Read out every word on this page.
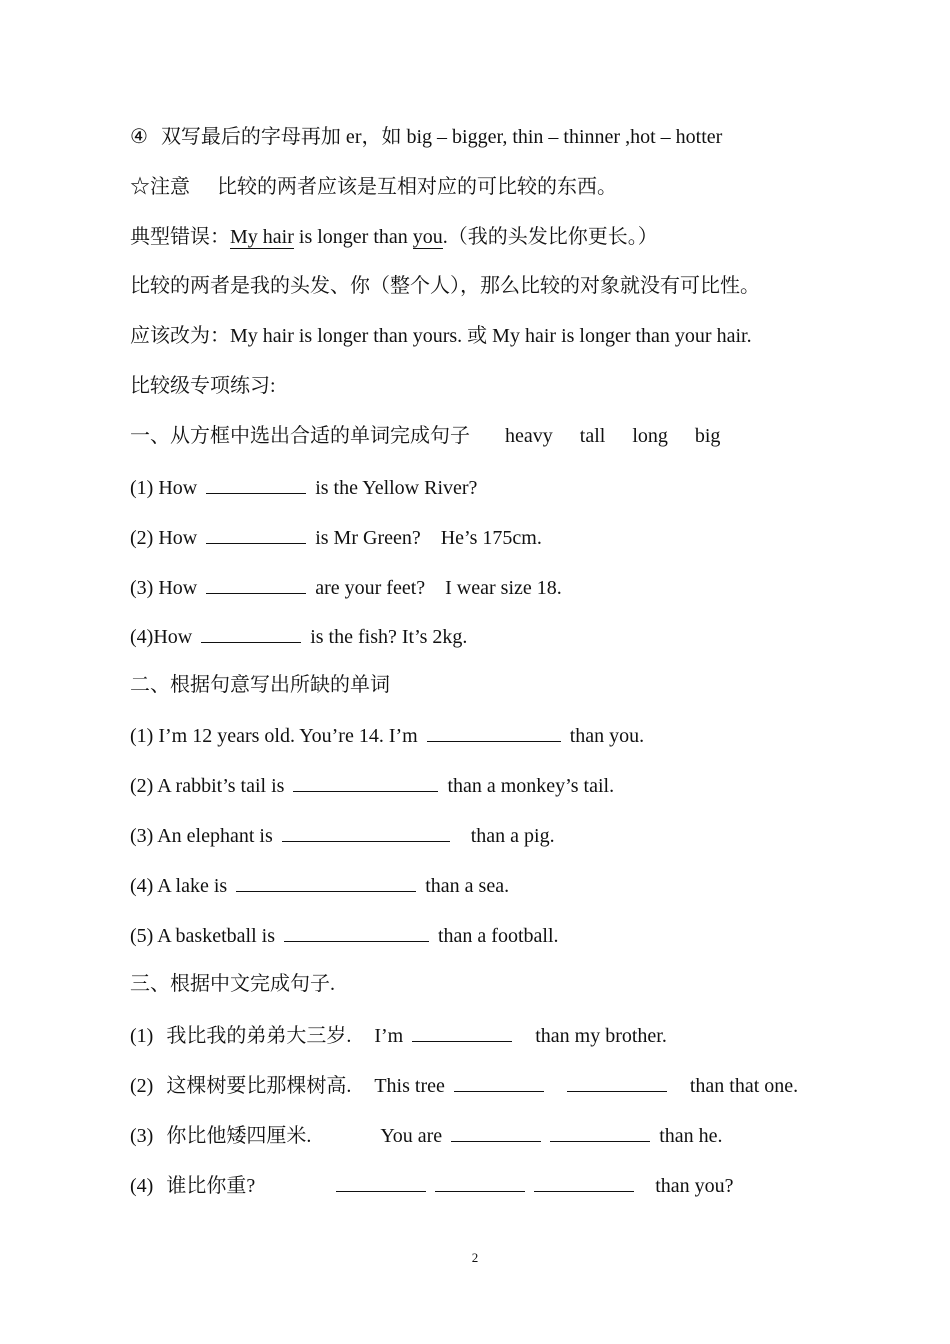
④ 双写最后的字母再加 er，如 big – bigger, thin – thinner ,hot – hotter
☆注意 比较的两者应该是互相对应的可比较的东西。
典型错误：My hair is longer than you.（我的头发比你更长。）
比较的两者是我的头发、你（整个人），那么比较的对象就没有可比性。
应该改为：My hair is longer than yours. 或 My hair is longer than your hair.
比较级专项练习:
一、从方框中选出合适的单词完成句子 heavy tall long big
(1) How	is the Yellow River?
(2) How	is Mr Green?    He’s 175cm.
(3) How	are your feet?    I wear size 18.
(4)How	is the fish? It’s 2kg.
二、根据句意写出所缺的单词
(1) I’m 12 years old. You’re 14. I’m	than you.
(2) A rabbit’s tail is	than a monkey’s tail.
(3) An elephant is	than a pig.
(4) A lake is	than a sea.
(5) A basketball is	than a football.
三、根据中文完成句子.
(1) 我比我的弟弟大三岁. I’m	than my brother.
(2) 这棵树要比那棵树高. This tree	than that one.
(3) 你比他矮四厘米.	You are	than he.
(4) 谁比你重?	than you?
2
